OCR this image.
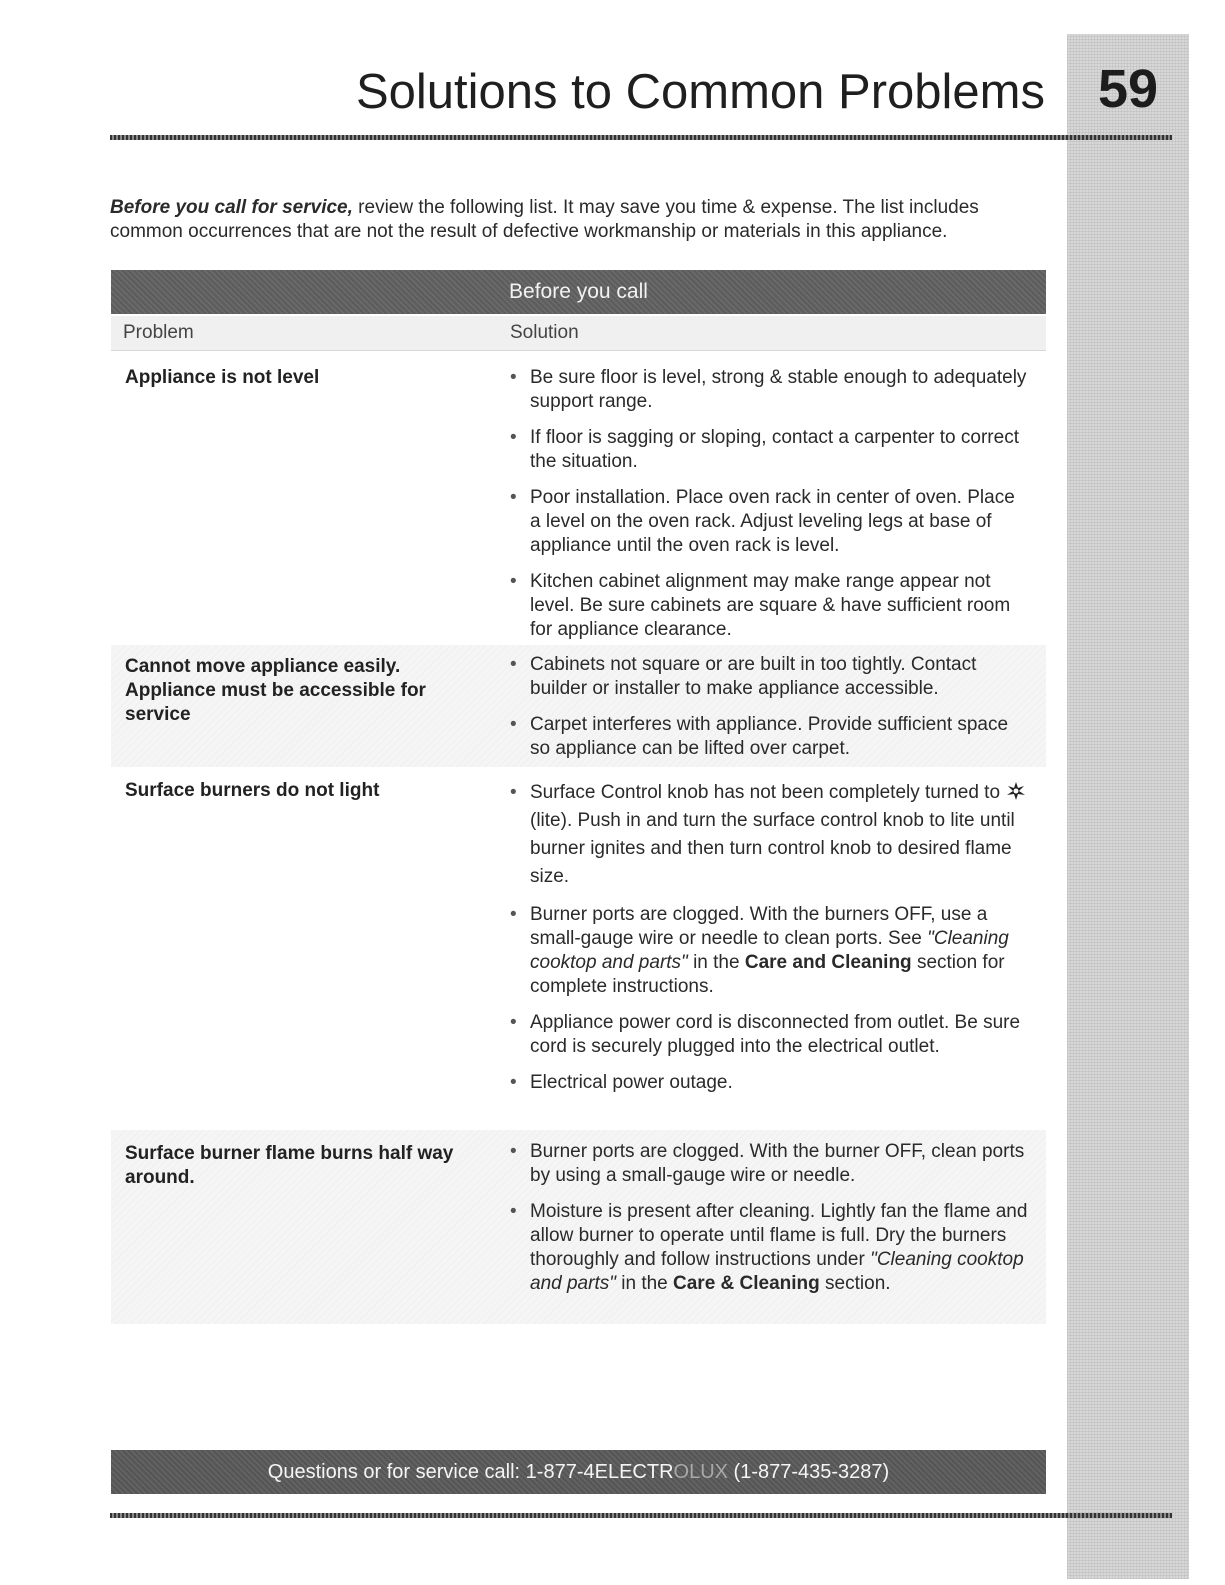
59
Solutions to Common Problems

Before you call for service, review the following list. It may save you time & expense. The list includes common occurrences that are not the result of defective workmanship or materials in this appliance.

Before you call
Problem	Solution
Appliance is not level	• Be sure floor is level, strong & stable enough to adequately support range.
• If floor is sagging or sloping, contact a carpenter to correct the situation.
• Poor installation. Place oven rack in center of oven. Place a level on the oven rack. Adjust leveling legs at base of appliance until the oven rack is level.
• Kitchen cabinet alignment may make range appear not level. Be sure cabinets are square & have sufficient room for appliance clearance.
Cannot move appliance easily. Appliance must be accessible for service
• Cabinets not square or are built in too tightly. Contact builder or installer to make appliance accessible.
• Carpet interferes with appliance. Provide sufficient space so appliance can be lifted over carpet.
Surface burners do not light	• Surface Control knob has not been completely turned to (lite). Push in and turn the surface control knob to lite until burner ignites and then turn control knob to desired flame size.
• Burner ports are clogged. With the burners OFF, use a small-gauge wire or needle to clean ports. See "Cleaning cooktop and parts" in the Care and Cleaning section for complete instructions.
• Appliance power cord is disconnected from outlet. Be sure cord is securely plugged into the electrical outlet.
• Electrical power outage.
Surface burner flame burns half way around.
• Burner ports are clogged. With the burner OFF, clean ports by using a small-gauge wire or needle.
• Moisture is present after cleaning. Lightly fan the flame and allow burner to operate until flame is full. Dry the burners thoroughly and follow instructions under "Cleaning cooktop and parts" in the Care & Cleaning section.
Questions or for service call: 1-877-4ELECTROLUX (1-877-435-3287)
